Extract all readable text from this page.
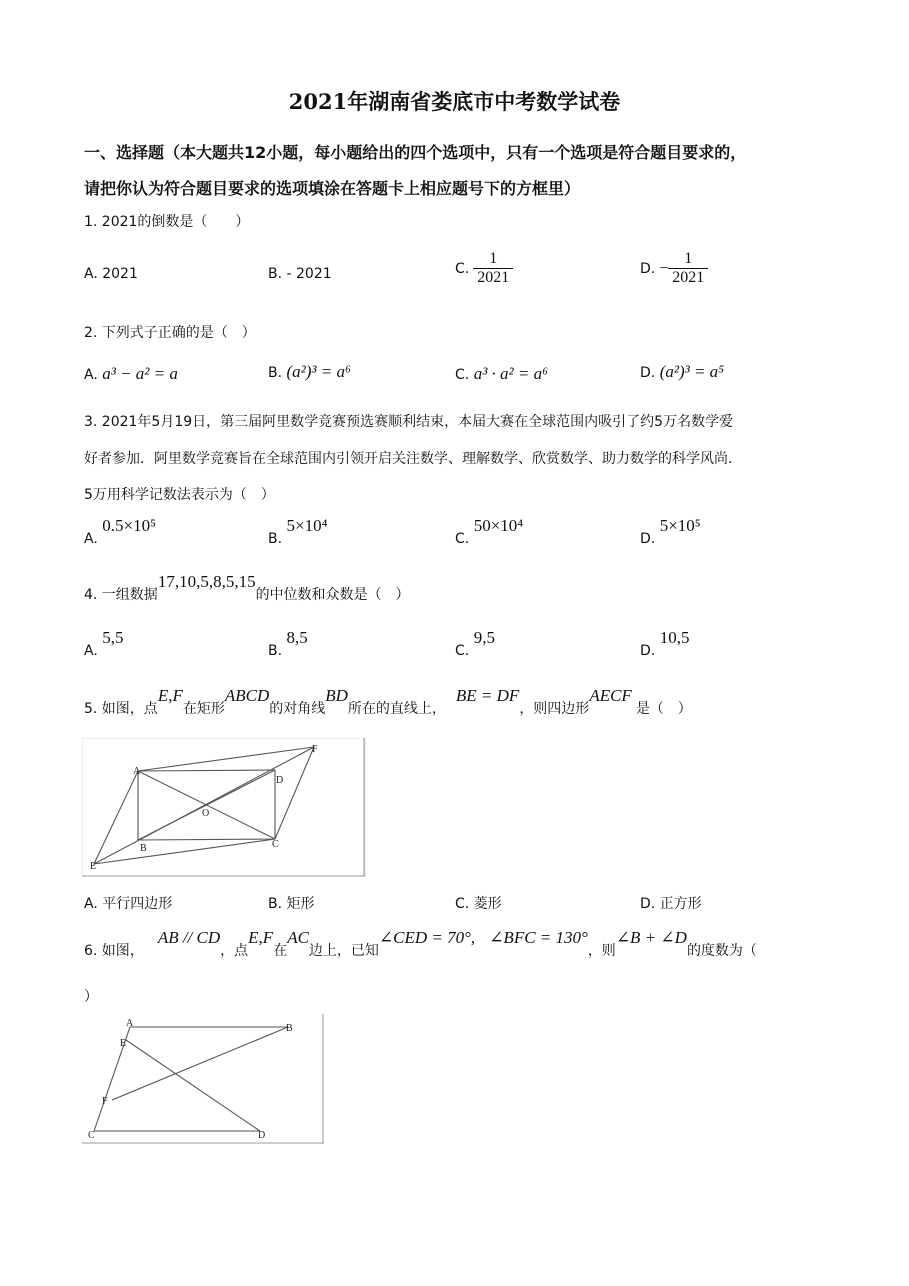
2021年湖南省娄底市中考数学试卷
一、选择题（本大题共12小题，每小题给出的四个选项中，只有一个选项是符合题目要求的，
请把你认为符合题目要求的选项填涂在答题卡上相应题号下的方框里）
1. 2021的倒数是（　　）
A. 2021	B. - 2021	C. $\frac{1}{2021}$	D. − $\frac{1}{2021}$
2. 下列式子正确的是（　）
A. a³ − a² = a	B. (a²)³ = a⁶	C. a³ · a² = a⁶	D. (a²)³ = a⁵
3. 2021年5月19日，第三届阿里数学竞赛预选赛顺利结束，本届大赛在全球范围内吸引了约5万名数学爱
好者参加．阿里数学竞赛旨在全球范围内引领开启关注数学、理解数学、欣赏数学、助力数学的科学风尚．
5万用科学记数法表示为（　）
A. 0.5×10⁵
B. 5×10⁴
C. 50×10⁴
D. 5×10⁵
4. 一组数据17,10,5,8,5,15的中位数和众数是（　）
A. 5,5
B. 8,5
C. 9,5
D. 10,5
5. 如图，点E,F在矩形ABCD的对角线BD所在的直线上，BE = DF，则四边形AECF是（　）
A
D
F
O
B	C
E
A. 平行四边形	B. 矩形	C. 菱形	D. 正方形
6. 如图，AB // CD，点E,F在AC边上，已知∠CED = 70°, ∠BFC = 130°，则∠B + ∠D的度数为（
）
A	B
E
F
C	D
